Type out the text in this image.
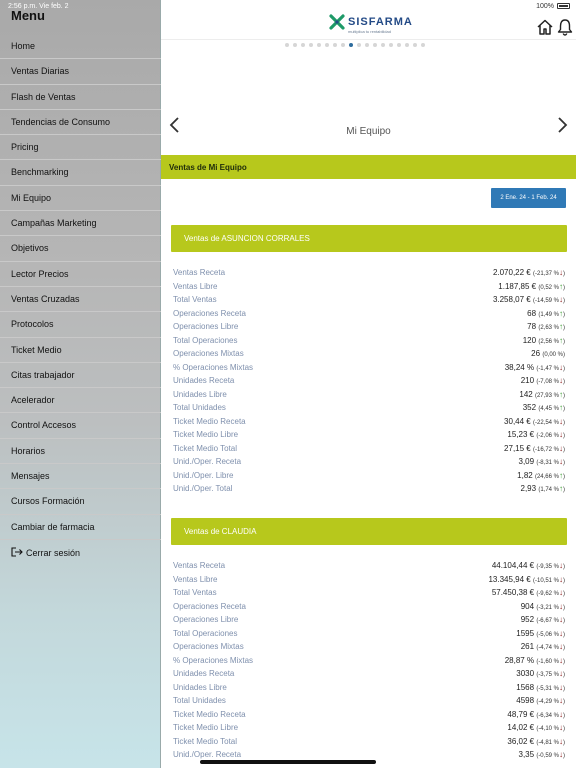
2:56 p.m. Vie feb. 2	100%
SISFARMA
multiplica tu rentabilidad
Mi Equipo
Ventas de Mi Equipo
2 Ene. 24 - 1 Feb. 24
Ventas de ASUNCION CORRALES
Ventas Receta	2.070,22 € (-21,37 %↓)
Ventas Libre	1.187,85 € (0,52 %↑)
Total Ventas	3.258,07 € (-14,59 %↓)
Operaciones Receta	68 (1,49 %↑)
Operaciones Libre	78 (2,63 %↑)
Total Operaciones	120 (2,56 %↑)
Operaciones Mixtas	26 (0,00 %)
% Operaciones Mixtas	38,24 % (-1,47 %↓)
Unidades Receta	210 (-7,08 %↓)
Unidades Libre	142 (27,93 %↑)
Total Unidades	352 (4,45 %↑)
Ticket Medio Receta	30,44 € (-22,54 %↓)
Ticket Medio Libre	15,23 € (-2,06 %↓)
Ticket Medio Total	27,15 € (-16,72 %↓)
Unid./Oper. Receta	3,09 (-8,31 %↓)
Unid./Oper. Libre	1,82 (24,66 %↑)
Unid./Oper. Total	2,93 (1,74 %↑)
Ventas de CLAUDIA
Ventas Receta	44.104,44 € (-9,35 %↓)
Ventas Libre	13.345,94 € (-10,51 %↓)
Total Ventas	57.450,38 € (-9,62 %↓)
Operaciones Receta	904 (-3,21 %↓)
Operaciones Libre	952 (-6,67 %↓)
Total Operaciones	1595 (-5,06 %↓)
Operaciones Mixtas	261 (-4,74 %↓)
% Operaciones Mixtas	28,87 % (-1,60 %↓)
Unidades Receta	3030 (-3,75 %↓)
Unidades Libre	1568 (-5,31 %↓)
Total Unidades	4598 (-4,29 %↓)
Ticket Medio Receta	48,79 € (-6,34 %↓)
Ticket Medio Libre	14,02 € (-4,10 %↓)
Ticket Medio Total	36,02 € (-4,81 %↓)
Unid./Oper. Receta	3,35 (-0,59 %↓)
Menu
Home
Ventas Diarias
Flash de Ventas
Tendencias de Consumo
Pricing
Benchmarking
Mi Equipo
Campañas Marketing
Objetivos
Lector Precios
Ventas Cruzadas
Protocolos
Ticket Medio
Citas trabajador
Acelerador
Control Accesos
Horarios
Mensajes
Cursos Formación
Cambiar de farmacia
Cerrar sesión
